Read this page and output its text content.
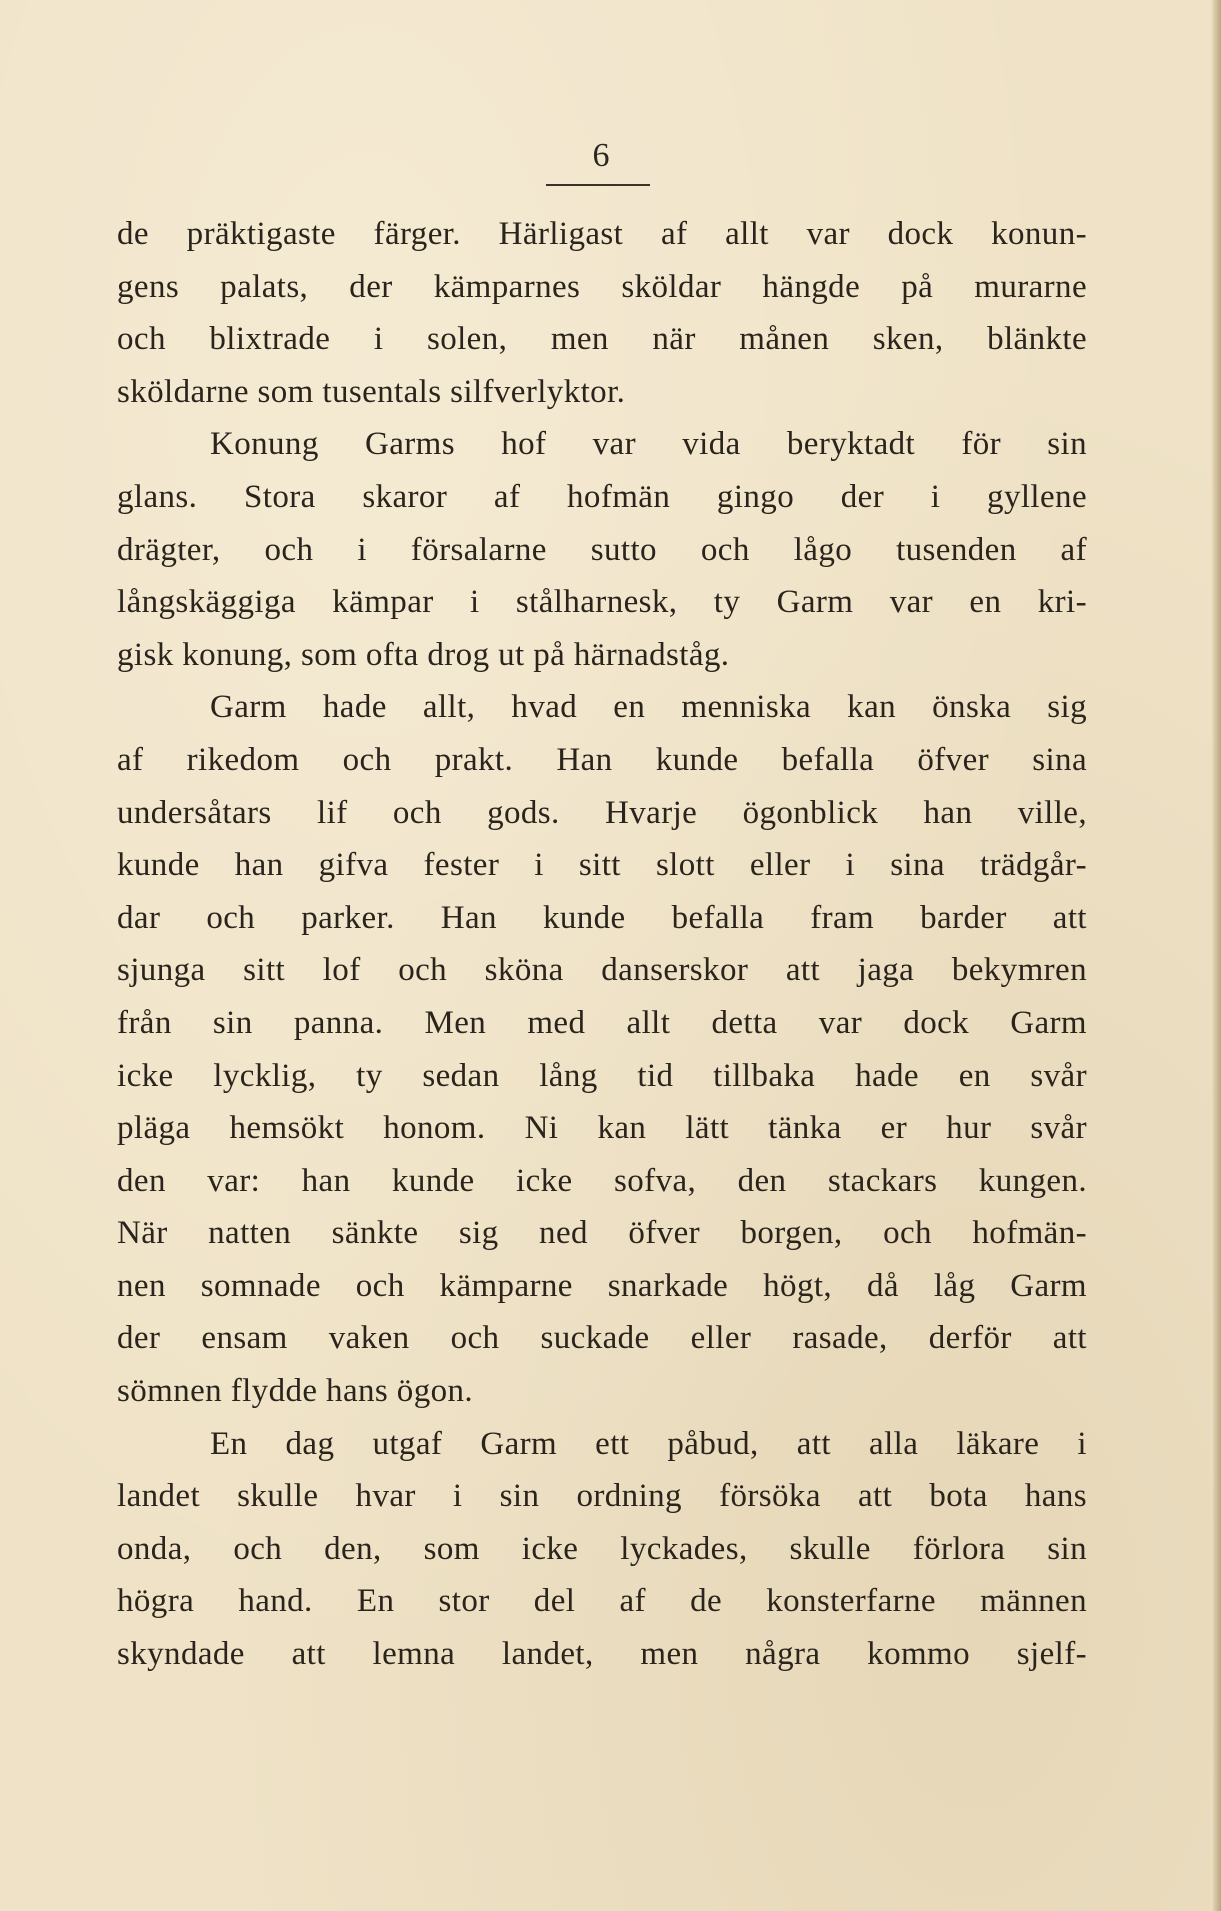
6
de präktigaste färger. Härligast af allt var dock konun-
gens palats, der kämparnes sköldar hängde på murarne
och blixtrade i solen, men när månen sken, blänkte
sköldarne som tusentals silfverlyktor.
Konung Garms hof var vida beryktadt för sin
glans. Stora skaror af hofmän gingo der i gyllene
drägter, och i försalarne sutto och lågo tusenden af
långskäggiga kämpar i stålharnesk, ty Garm var en kri-
gisk konung, som ofta drog ut på härnadståg.
Garm hade allt, hvad en menniska kan önska sig
af rikedom och prakt. Han kunde befalla öfver sina
undersåtars lif och gods. Hvarje ögonblick han ville,
kunde han gifva fester i sitt slott eller i sina trädgår-
dar och parker. Han kunde befalla fram barder att
sjunga sitt lof och sköna danserskor att jaga bekymren
från sin panna. Men med allt detta var dock Garm
icke lycklig, ty sedan lång tid tillbaka hade en svår
pläga hemsökt honom. Ni kan lätt tänka er hur svår
den var: han kunde icke sofva, den stackars kungen.
När natten sänkte sig ned öfver borgen, och hofmän-
nen somnade och kämparne snarkade högt, då låg Garm
der ensam vaken och suckade eller rasade, derför att
sömnen flydde hans ögon.
En dag utgaf Garm ett påbud, att alla läkare i
landet skulle hvar i sin ordning försöka att bota hans
onda, och den, som icke lyckades, skulle förlora sin
högra hand. En stor del af de konsterfarne männen
skyndade att lemna landet, men några kommo sjelf-
